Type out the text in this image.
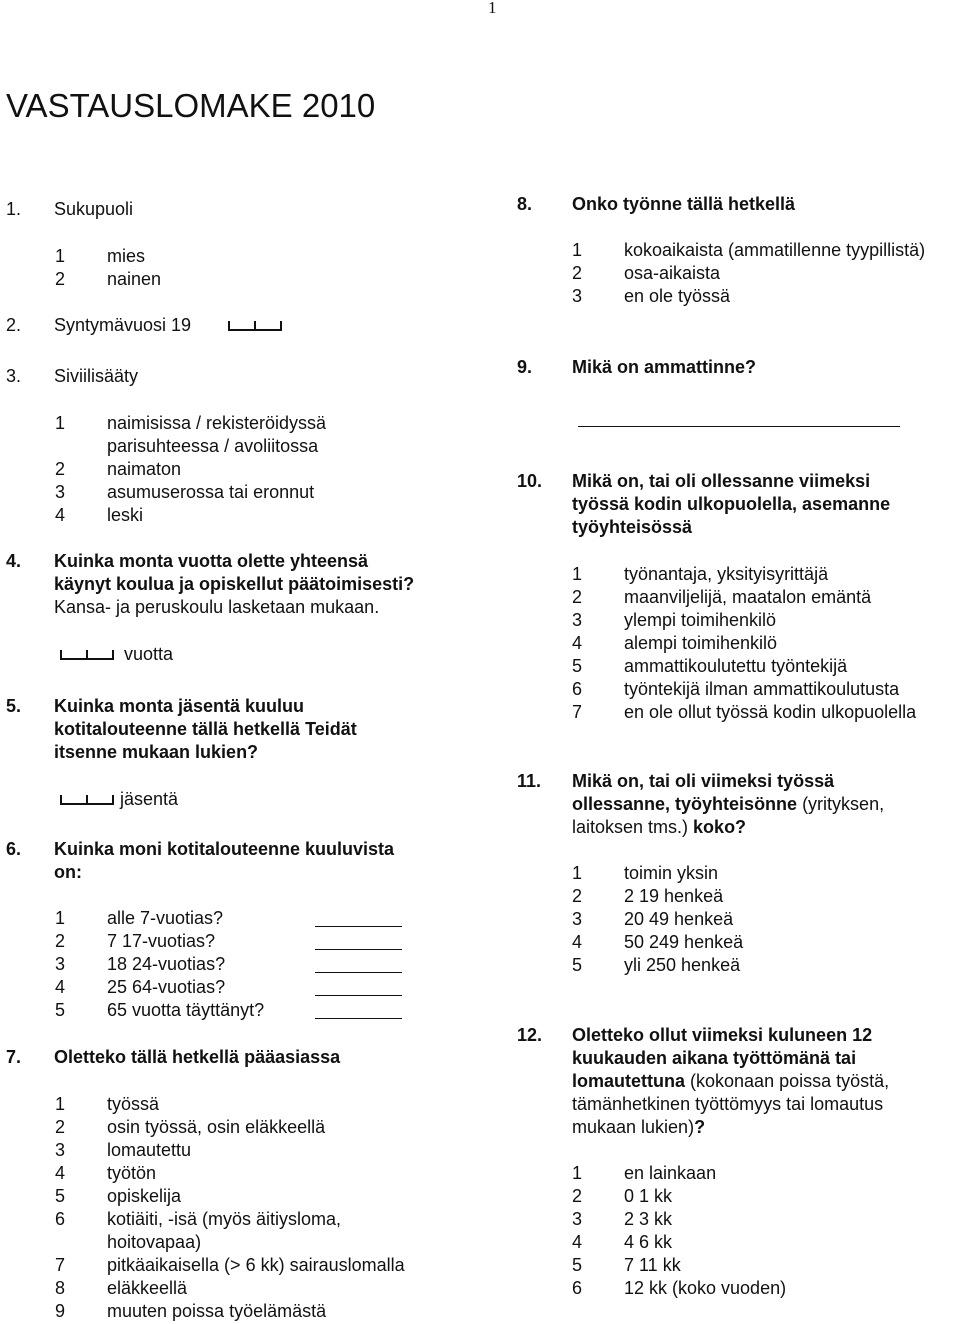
1
VASTAUSLOMAKE 2010
1. Sukupuoli
1 mies
2 nainen
2. Syntymävuosi 19
3. Siviilisääty
1 naimisissa / rekisteröidyssä
parisuhteessa / avoliitossa
2 naimaton
3 asumuserossa tai eronnut
4 leski
4. Kuinka monta vuotta olette yhteensä
käynyt koulua ja opiskellut päätoimisesti?
Kansa- ja peruskoulu lasketaan mukaan.
vuotta
5. Kuinka monta jäsentä kuuluu
kotitalouteenne tällä hetkellä Teidät
itsenne mukaan lukien?
jäsentä
6. Kuinka moni kotitalouteenne kuuluvista
on:
1 alle 7-vuotias?
2 7 17-vuotias?
3 18 24-vuotias?
4 25 64-vuotias?
5 65 vuotta täyttänyt?
7. Oletteko tällä hetkellä pääasiassa
1 työssä
2 osin työssä, osin eläkkeellä
3 lomautettu
4 työtön
5 opiskelija
6 kotiäiti, -isä (myös äitiysloma,
hoitovapaa)
7 pitkäaikaisella (> 6 kk) sairauslomalla
8 eläkkeellä
9 muuten poissa työelämästä
8. Onko työnne tällä hetkellä
1 kokoaikaista (ammatillenne tyypillistä)
2 osa-aikaista
3 en ole työssä
9. Mikä on ammattinne?
10. Mikä on, tai oli ollessanne viimeksi
työssä kodin ulkopuolella, asemanne
työyhteisössä
1 työnantaja, yksityisyrittäjä
2 maanviljelijä, maatalon emäntä
3 ylempi toimihenkilö
4 alempi toimihenkilö
5 ammattikoulutettu työntekijä
6 työntekijä ilman ammattikoulutusta
7 en ole ollut työssä kodin ulkopuolella
11. Mikä on, tai oli viimeksi työssä
ollessanne, työyhteisönne (yrityksen,
laitoksen tms.) koko?
1 toimin yksin
2 2 19 henkeä
3 20 49 henkeä
4 50 249 henkeä
5 yli 250 henkeä
12. Oletteko ollut viimeksi kuluneen 12
kuukauden aikana työttömänä tai
lomautettuna (kokonaan poissa työstä,
tämänhetkinen työttömyys tai lomautus
mukaan lukien)?
1 en lainkaan
2 0 1 kk
3 2 3 kk
4 4 6 kk
5 7 11 kk
6 12 kk (koko vuoden)
